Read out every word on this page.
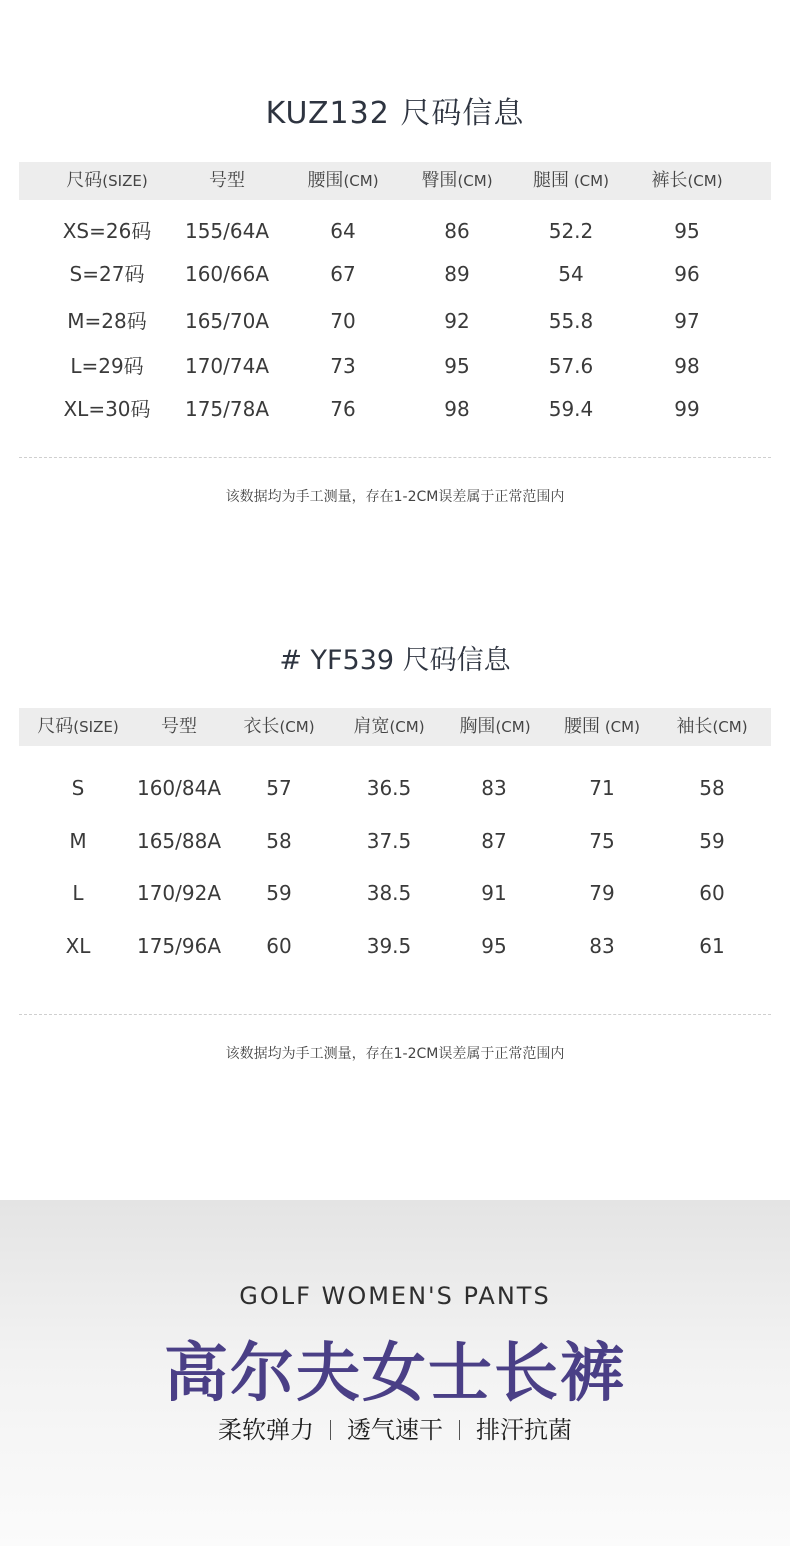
KUZ132 尺码信息
尺码(SIZE)	号型	腰围(CM) 臀围(CM) 腿围 (CM) 裤长(CM)
XS=26码 155/64A	64	86	52.2	95
S=27码 160/66A	67	89	54	96
M=28码 165/70A	70	92	55.8	97
L=29码 170/74A	73	95	57.6	98
XL=30码 175/78A	76	98	59.4	99
该数据均为手工测量，存在1-2CM误差属于正常范围内
# YF539 尺码信息
尺码(SIZE) 号型	衣长(CM) 肩宽(CM) 胸围(CM) 腰围 (CM) 袖长(CM)
S	160/84A 57	36.5	83	71	58
M	165/88A 58	37.5	87	75	59
L	170/92A 59	38.5	91	79	60
XL 175/96A 60	39.5	95	83	61
该数据均为手工测量，存在1-2CM误差属于正常范围内
GOLF WOMEN'S PANTS
高尔夫女士长裤
柔软弹力 透气速干 排汗抗菌
